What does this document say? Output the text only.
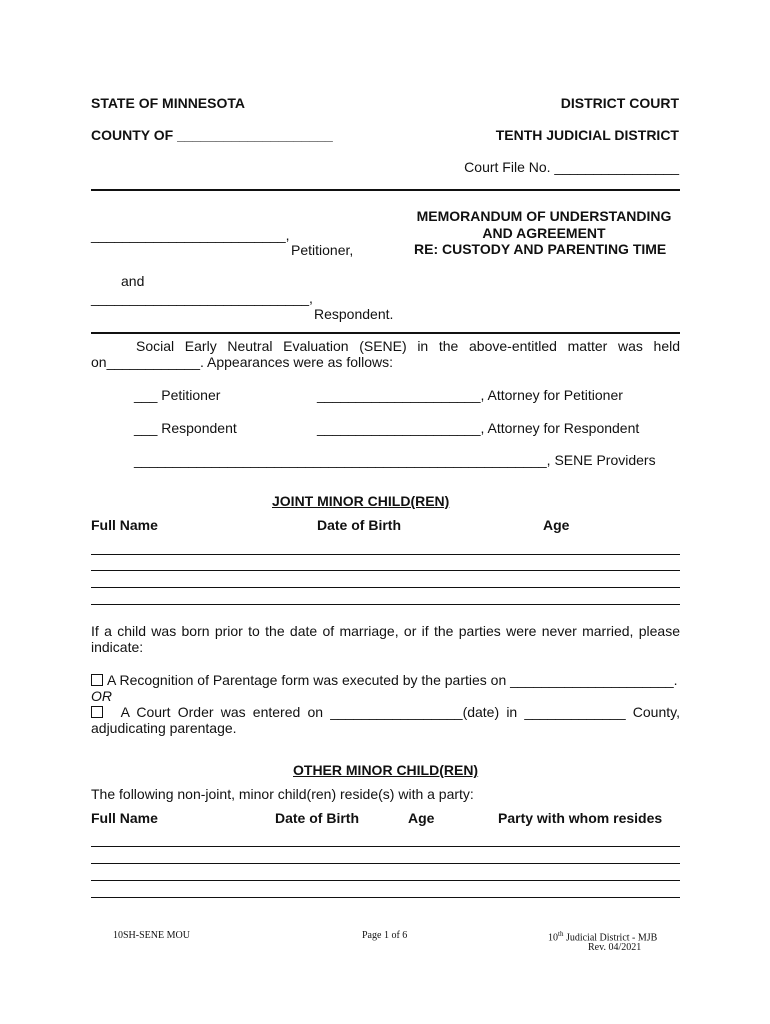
STATE OF MINNESOTA	DISTRICT COURT
COUNTY OF ____________________	TENTH JUDICIAL DISTRICT
Court File No. ________________
_________________________,
Petitioner,
and
____________________________,
Respondent.
MEMORANDUM OF UNDERSTANDING
AND AGREEMENT
RE: CUSTODY AND PARENTING TIME
Social Early Neutral Evaluation (SENE) in the above-entitled matter was held
on____________. Appearances were as follows:
___ Petitioner	_____________________, Attorney for Petitioner
___ Respondent	_____________________, Attorney for Respondent
_____________________________________________________, SENE Providers
JOINT MINOR CHILD(REN)
Full Name	Date of Birth	Age
If a child was born prior to the date of marriage, or if the parties were never married, please
indicate:
A Recognition of Parentage form was executed by the parties on _____________________.
OR
A Court Order was entered on _________________(date) in _____________ County,
adjudicating parentage.
OTHER MINOR CHILD(REN)
The following non-joint, minor child(ren) reside(s) with a party:
Full Name	Date of Birth	Age	Party with whom resides
10SH-SENE MOU	Page 1 of 6	10th Judicial District - MJB
Rev. 04/2021
